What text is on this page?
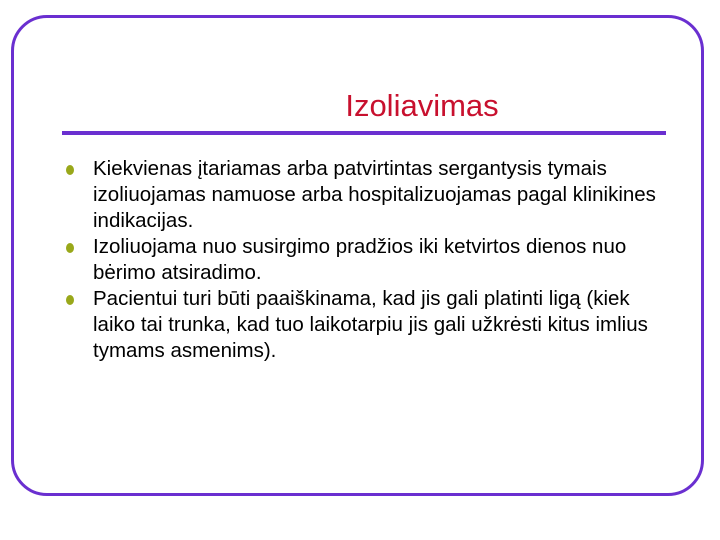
Izoliavimas
Kiekvienas įtariamas arba patvirtintas sergantysis tymais izoliuojamas namuose arba hospitalizuojamas pagal klinikines indikacijas.
Izoliuojama nuo susirgimo pradžios iki ketvirtos dienos nuo bėrimo atsiradimo.
Pacientui turi būti paaiškinama, kad jis gali platinti ligą (kiek laiko tai trunka, kad tuo laikotarpiu jis gali užkrėsti kitus imlius tymams asmenims).
